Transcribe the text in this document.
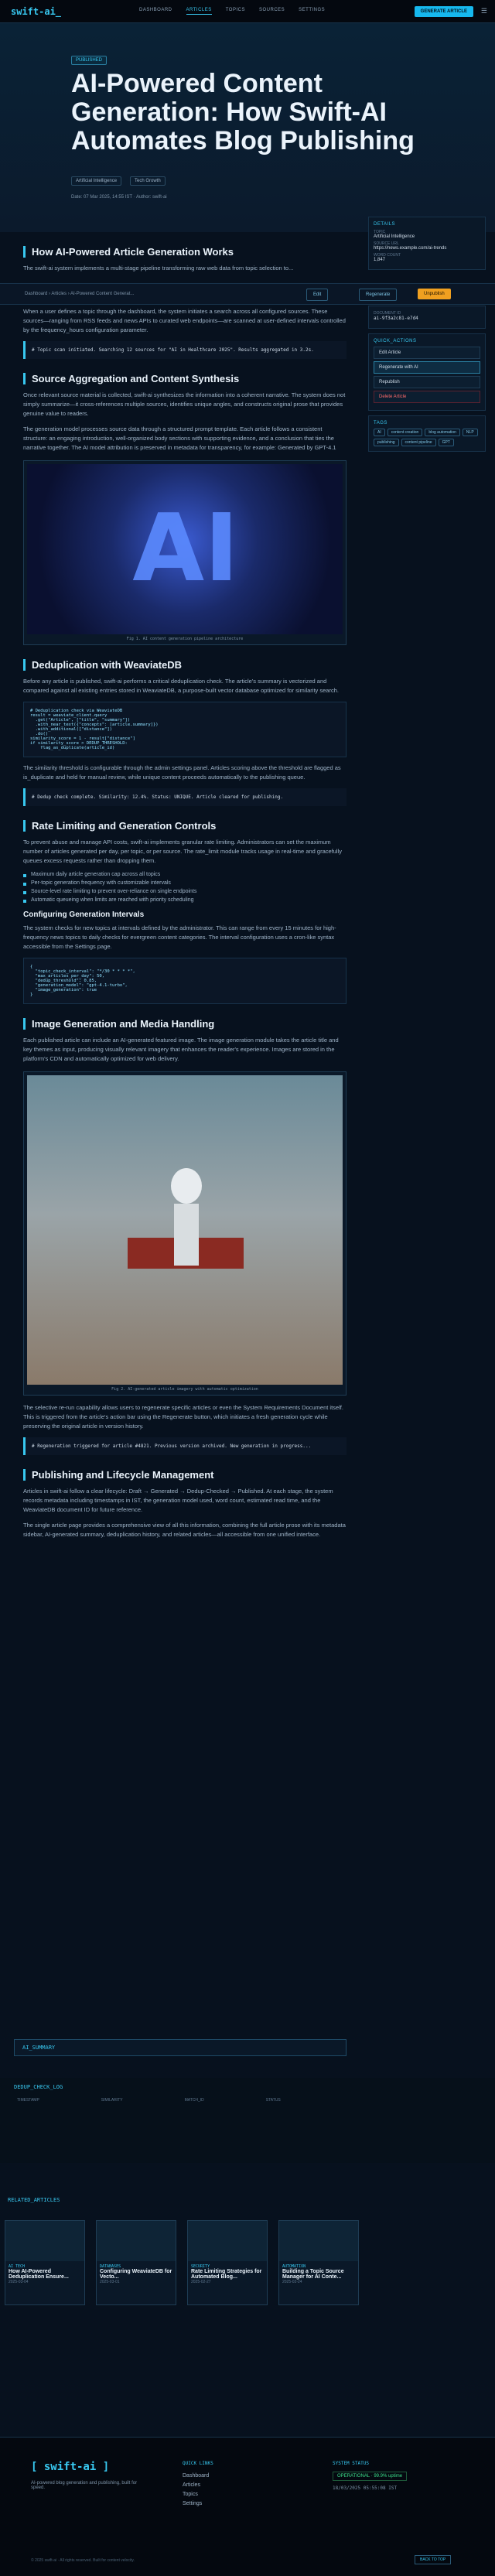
swift-ai_	DASHBOARD	ARTICLES	TOPICS	SOURCES	SETTINGS	GENERATE ARTICLE	☰
PUBLISHED
AI-Powered Content Generation: How Swift-AI Automates Blog Publishing
Artificial Intelligence	Tech Growth
Date: 07 Mar 2025, 14:55 IST · Author: swift-ai
Dashboard › Articles › AI-Powered Content Generat...	Edit	Regenerate	Unpublish
DETAILS
TOPIC
Artificial Intelligence
SOURCE URL
https://news.example.com/ai-trends
WORD COUNT
1,847
DOCUMENT ID
ai-9f3a2c81-e7d4
QUICK_ACTIONS
Edit Article
Regenerate with AI
Republish
Delete Article
TAGS
AI	content creation	blog automation	NLP
publishing	content pipeline	GPT
How AI-Powered Article Generation Works
The swift-ai system implements a multi-stage pipeline transforming raw web data from topic selection to...
When a user defines a topic through the dashboard, the system initiates a search across all configured sources. These sources—ranging from RSS feeds and news APIs to curated web endpoints—are scanned at user-defined intervals controlled by the frequency_hours configuration parameter.
# Topic scan initiated. Searching 12 sources for "AI in Healthcare 2025". Results aggregated in 3.2s.
Source Aggregation and Content Synthesis
Once relevant source material is collected, swift-ai synthesizes the information into a coherent narrative. The system does not simply summarize—it cross-references multiple sources, identifies unique angles, and constructs original prose that provides genuine value to readers.
The generation model processes source data through a structured prompt template. Each article follows a consistent structure: an engaging introduction, well-organized body sections with supporting evidence, and a conclusion that ties the narrative together. The AI model attribution is preserved in metadata for transparency, for example: Generated by GPT-4.1
AI
Fig 1. AI content generation pipeline architecture
Deduplication with WeaviateDB
Before any article is published, swift-ai performs a critical deduplication check. The article's summary is vectorized and compared against all existing entries stored in WeaviateDB, a purpose-built vector database optimized for similarity search.
# Deduplication check via WeaviateDB
result = weaviate_client.query
.get("Article", ["title", "summary"])
.with_near_text({"concepts": [article.summary]})
.with_additional(["distance"])
.do()
similarity_score = 1 - result["distance"]
if similarity_score > DEDUP_THRESHOLD:
flag_as_duplicate(article_id)
The similarity threshold is configurable through the admin settings panel. Articles scoring above the threshold are flagged as is_duplicate and held for manual review, while unique content proceeds automatically to the publishing queue.
# Dedup check complete. Similarity: 12.4%. Status: UNIQUE. Article cleared for publishing.
Rate Limiting and Generation Controls
To prevent abuse and manage API costs, swift-ai implements granular rate limiting. Administrators can set the maximum number of articles generated per day, per topic, or per source. The rate_limit module tracks usage in real-time and gracefully queues excess requests rather than dropping them.
Maximum daily article generation cap across all topics
Per-topic generation frequency with customizable intervals
Source-level rate limiting to prevent over-reliance on single endpoints
Automatic queueing when limits are reached with priority scheduling
Configuring Generation Intervals
The system checks for new topics at intervals defined by the administrator. This can range from every 15 minutes for high-frequency news topics to daily checks for evergreen content categories. The interval configuration uses a cron-like syntax accessible from the Settings page.
{
"topic_check_interval": "*/30 * * * *",
"max_articles_per_day": 50,
"dedup_threshold": 0.85,
"generation_model": "gpt-4.1-turbo",
"image_generation": true
}
Image Generation and Media Handling
Each published article can include an AI-generated featured image. The image generation module takes the article title and key themes as input, producing visually relevant imagery that enhances the reader's experience. Images are stored in the platform's CDN and automatically optimized for web delivery.
Fig 2. AI-generated article imagery with automatic optimization
The selective re-run capability allows users to regenerate specific articles or even the System Requirements Document itself. This is triggered from the article's action bar using the Regenerate button, which initiates a fresh generation cycle while preserving the original article in version history.
# Regeneration triggered for article #4821. Previous version archived. New generation in progress...
Publishing and Lifecycle Management
Articles in swift-ai follow a clear lifecycle: Draft → Generated → Dedup-Checked → Published. At each stage, the system records metadata including timestamps in IST, the generation model used, word count, estimated read time, and the WeaviateDB document ID for future reference.
The single article page provides a comprehensive view of all this information, combining the full article prose with its metadata sidebar, AI-generated summary, deduplication history, and related articles—all accessible from one unified interface.
AI_SUMMARY
DEDUP_CHECK_LOG
TIMESTAMP	SIMILARITY	MATCH_ID	STATUS
RELATED_ARTICLES
AI TECH
How AI-Powered Deduplication Ensure...
2025-03-04
DATABASES
Configuring WeaviateDB for Vecto...
2025-03-01
SECURITY
Rate Limiting Strategies for Automated Blog...
2025-02-27
AUTOMATION
Building a Topic Source Manager for AI Conte...
2025-02-24
[ swift-ai ]
AI-powered blog generation and publishing, built for speed.
QUICK LINKS
Dashboard
Articles
Topics
Settings
SYSTEM STATUS
OPERATIONAL · 99.9% uptime
18/03/2025 05:55:08 IST
© 2025 swift-ai · All rights reserved. Built for content velocity.	BACK TO TOP
